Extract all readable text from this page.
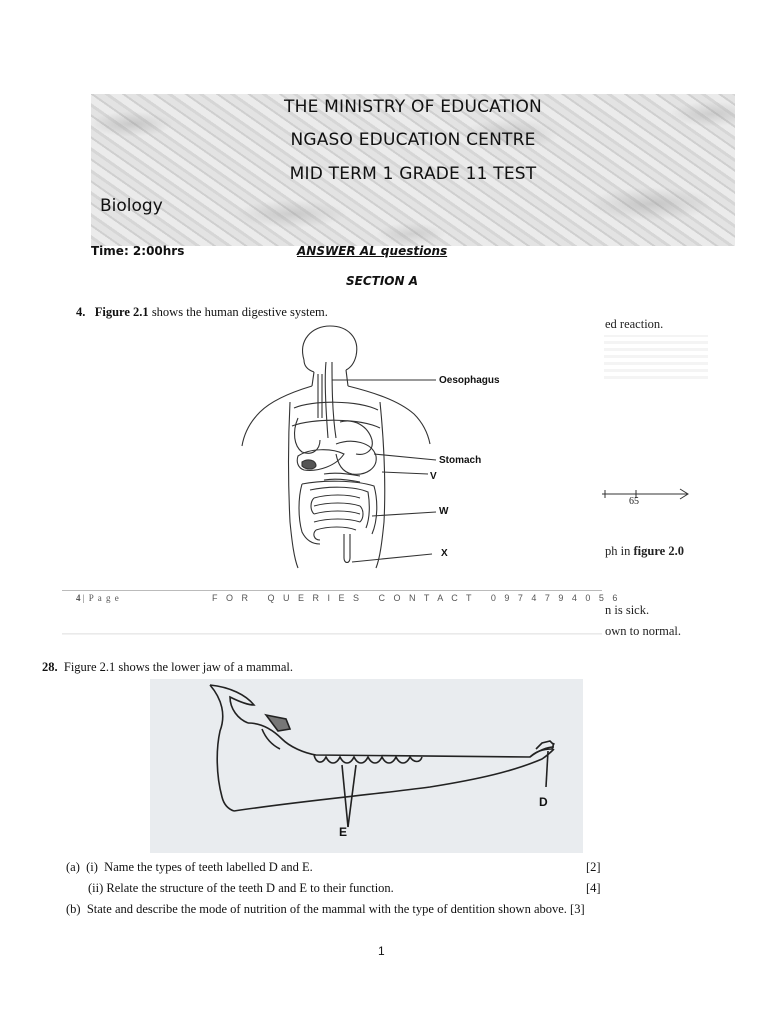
THE MINISTRY OF EDUCATION
NGASO EDUCATION CENTRE
MID TERM 1 GRADE 11 TEST
Biology
Time: 2:00hrs	ANSWER AL questions
SECTION A
4. Figure 2.1 shows the human digestive system.
ed reaction.
65
ph in figure 2.0
n is sick.
own to normal.
Oesophagus
Stomach
V
W
X
4 | P a g e	F O R   Q U E R I E S   C O N T A C T   0 9 7 4 7 9 4 0 5 6
28. Figure 2.1 shows the lower jaw of a mammal.
D
E
(a)  (i)  Name the types of teeth labelled D and E.	[2]
(ii) Relate the structure of the teeth D and E to their function.	[4]
(b)  State and describe the mode of nutrition of the mammal with the type of dentition shown above. [3]
1
